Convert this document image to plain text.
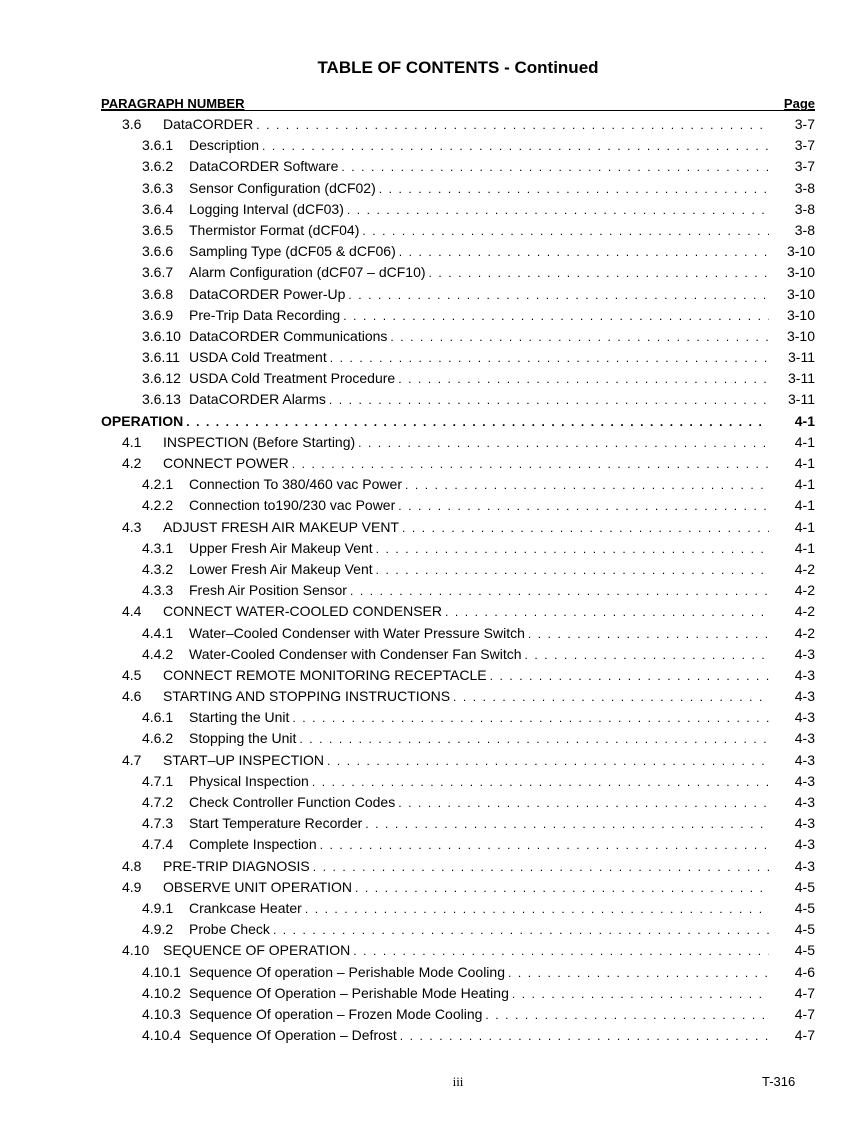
TABLE OF CONTENTS - Continued
PARAGRAPH NUMBER	Page
3.6	DataCORDER . . .	3-7
3.6.1	Description . . .	3-7
3.6.2	DataCORDER Software . . .	3-7
3.6.3	Sensor Configuration (dCF02) . . .	3-8
3.6.4	Logging Interval (dCF03) . . .	3-8
3.6.5	Thermistor Format (dCF04) . . .	3-8
3.6.6	Sampling Type (dCF05 & dCF06) . . .	3-10
3.6.7	Alarm Configuration (dCF07 – dCF10) . . .	3-10
3.6.8	DataCORDER Power-Up . . .	3-10
3.6.9	Pre-Trip Data Recording . . .	3-10
3.6.10 DataCORDER Communications . . .	3-10
3.6.11 USDA Cold Treatment . . .	3-11
3.6.12 USDA Cold Treatment Procedure . . .	3-11
3.6.13 DataCORDER Alarms . . .	3-11
OPERATION . . .	4-1
4.1	INSPECTION (Before Starting) . . .	4-1
4.2	CONNECT POWER . . .	4-1
4.2.1	Connection To 380/460 vac Power . . .	4-1
4.2.2	Connection to190/230 vac Power . . .	4-1
4.3	ADJUST FRESH AIR MAKEUP VENT . . .	4-1
4.3.1	Upper Fresh Air Makeup Vent . . .	4-1
4.3.2	Lower Fresh Air Makeup Vent . . .	4-2
4.3.3	Fresh Air Position Sensor . . .	4-2
4.4	CONNECT WATER-COOLED CONDENSER . . .	4-2
4.4.1	Water–Cooled Condenser with Water Pressure Switch . . .	4-2
4.4.2	Water-Cooled Condenser with Condenser Fan Switch . . .	4-3
4.5	CONNECT REMOTE MONITORING RECEPTACLE . . .	4-3
4.6	STARTING AND STOPPING INSTRUCTIONS . . .	4-3
4.6.1	Starting the Unit . . .	4-3
4.6.2	Stopping the Unit . . .	4-3
4.7	START–UP INSPECTION . . .	4-3
4.7.1	Physical Inspection . . .	4-3
4.7.2	Check Controller Function Codes . . .	4-3
4.7.3	Start Temperature Recorder . . .	4-3
4.7.4	Complete Inspection . . .	4-3
4.8	PRE-TRIP DIAGNOSIS . . .	4-3
4.9	OBSERVE UNIT OPERATION . . .	4-5
4.9.1	Crankcase Heater . . .	4-5
4.9.2	Probe Check . . .	4-5
4.10 SEQUENCE OF OPERATION . . .	4-5
4.10.1 Sequence Of operation – Perishable Mode Cooling . . .	4-6
4.10.2 Sequence Of Operation – Perishable Mode Heating . . .	4-7
4.10.3 Sequence Of operation – Frozen Mode Cooling . . .	4-7
4.10.4 Sequence Of Operation – Defrost . . .	4-7
iii	T-316
